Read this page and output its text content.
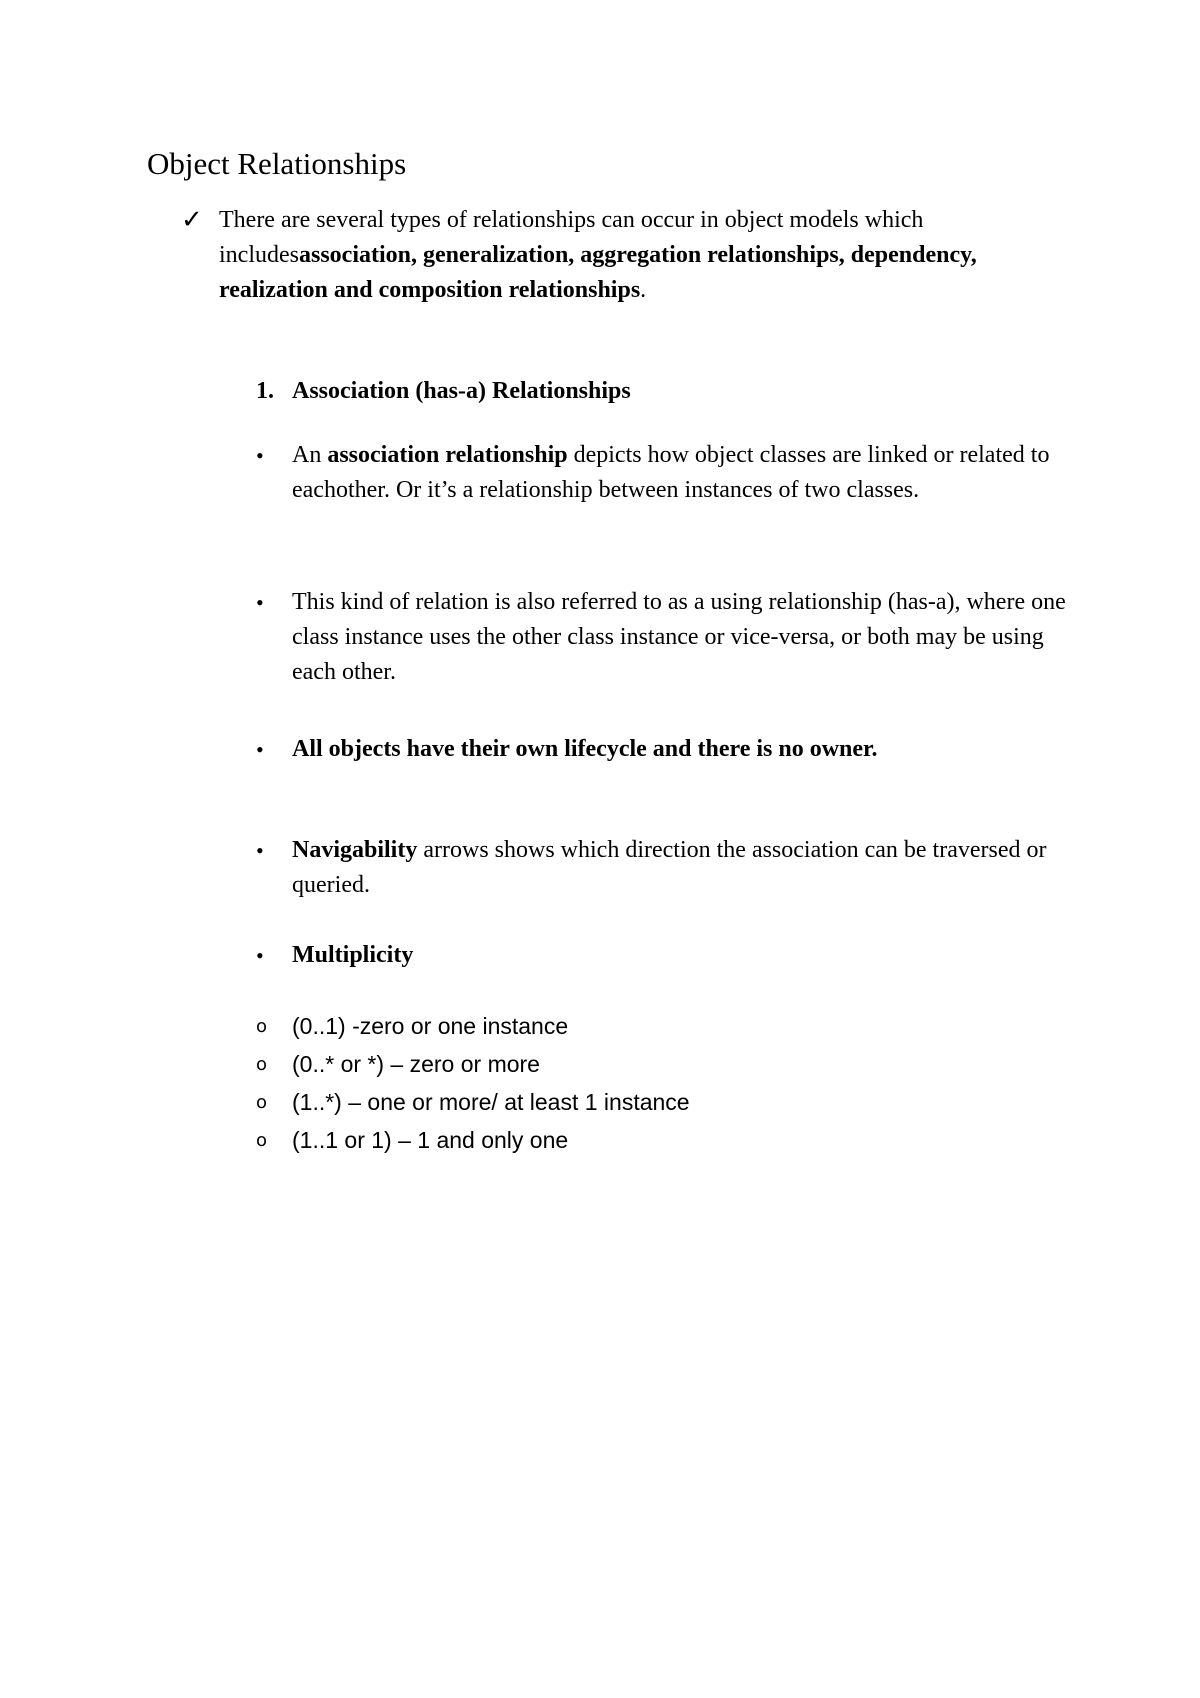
Object Relationships
✓ There are several types of relationships can occur in object models which includesassociation, generalization, aggregation relationships, dependency, realization and composition relationships.
1. Association (has-a) Relationships
• An association relationship depicts how object classes are linked or related to eachother. Or it’s a relationship between instances of two classes.
• This kind of relation is also referred to as a using relationship (has-a), where one class instance uses the other class instance or vice-versa, or both may be using each other.
• All objects have their own lifecycle and there is no owner.
• Navigability arrows shows which direction the association can be traversed or queried.
• Multiplicity
o (0..1) -zero or one instance
o (0..* or *) – zero or more
o (1..*) – one or more/ at least 1 instance
o (1..1 or 1) – 1 and only one
